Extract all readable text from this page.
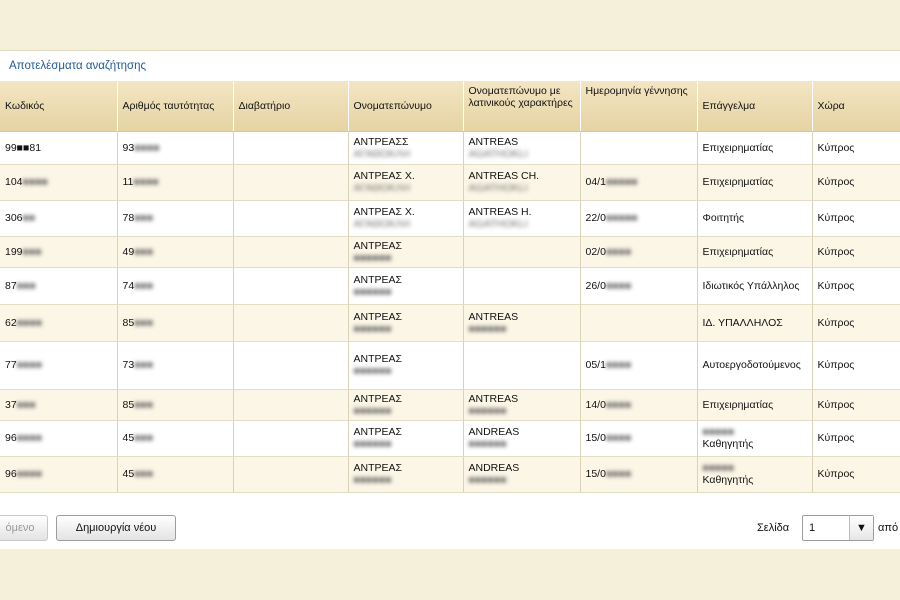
Αποτελέσματα αναζήτησης
Κωδικός	Αριθμός ταυτότητας	Διαβατήριο	Ονοματεπώνυμο	Ονοματεπώνυμο με λατινικούς χαρακτήρες	Ημερομηνία γέννησης	Επάγγελμα	Χώρα
99■■81	93■■■■		ΑΝΤΡΕΑΣΣ
ΑΓΑΘΟΚΛΗ	ANTREAS
AGATHOKLI		Επιχειρηματίας	Κύπρος
104■■■■	11■■■■		ΑΝΤΡΕΑΣ Χ.
ΑΓΑΘΟΚΛΗ	ANTREAS CH.
AGATHOKLI	04/1■■■■■	Επιχειρηματίας	Κύπρος
306■■	78■■■		ΑΝΤΡΕΑΣ Χ.
ΑΓΑΘΟΚΛΗ	ANTREAS H.
AGATHOKLI	22/0■■■■■	Φοιτητής	Κύπρος
199■■■	49■■■		ΑΝΤΡΕΑΣ
■■■■■■		02/0■■■■	Επιχειρηματίας	Κύπρος
87■■■	74■■■		ΑΝΤΡΕΑΣ
■■■■■■		26/0■■■■	Ιδιωτικός Υπάλληλος	Κύπρος
62■■■■	85■■■		ΑΝΤΡΕΑΣ
■■■■■■	ANTREAS
■■■■■■		ΙΔ. ΥΠΑΛΛΗΛΟΣ	Κύπρος
77■■■■	73■■■		ΑΝΤΡΕΑΣ
■■■■■■		05/1■■■■	Αυτοεργοδοτούμενος	Κύπρος
37■■■	85■■■		ΑΝΤΡΕΑΣ
■■■■■■	ANTREAS
■■■■■■	14/0■■■■	Επιχειρηματίας	Κύπρος
96■■■■	45■■■		ΑΝΤΡΕΑΣ
■■■■■■	ANDREAS
■■■■■■	15/0■■■■	■■■■■
Καθηγητής	Κύπρος
96■■■■	45■■■		ΑΝΤΡΕΑΣ
■■■■■■	ANDREAS
■■■■■■	15/0■■■■	■■■■■
Καθηγητής	Κύπρος
όμενο	Δημιουργία νέου	Σελίδα 1	▼	από
